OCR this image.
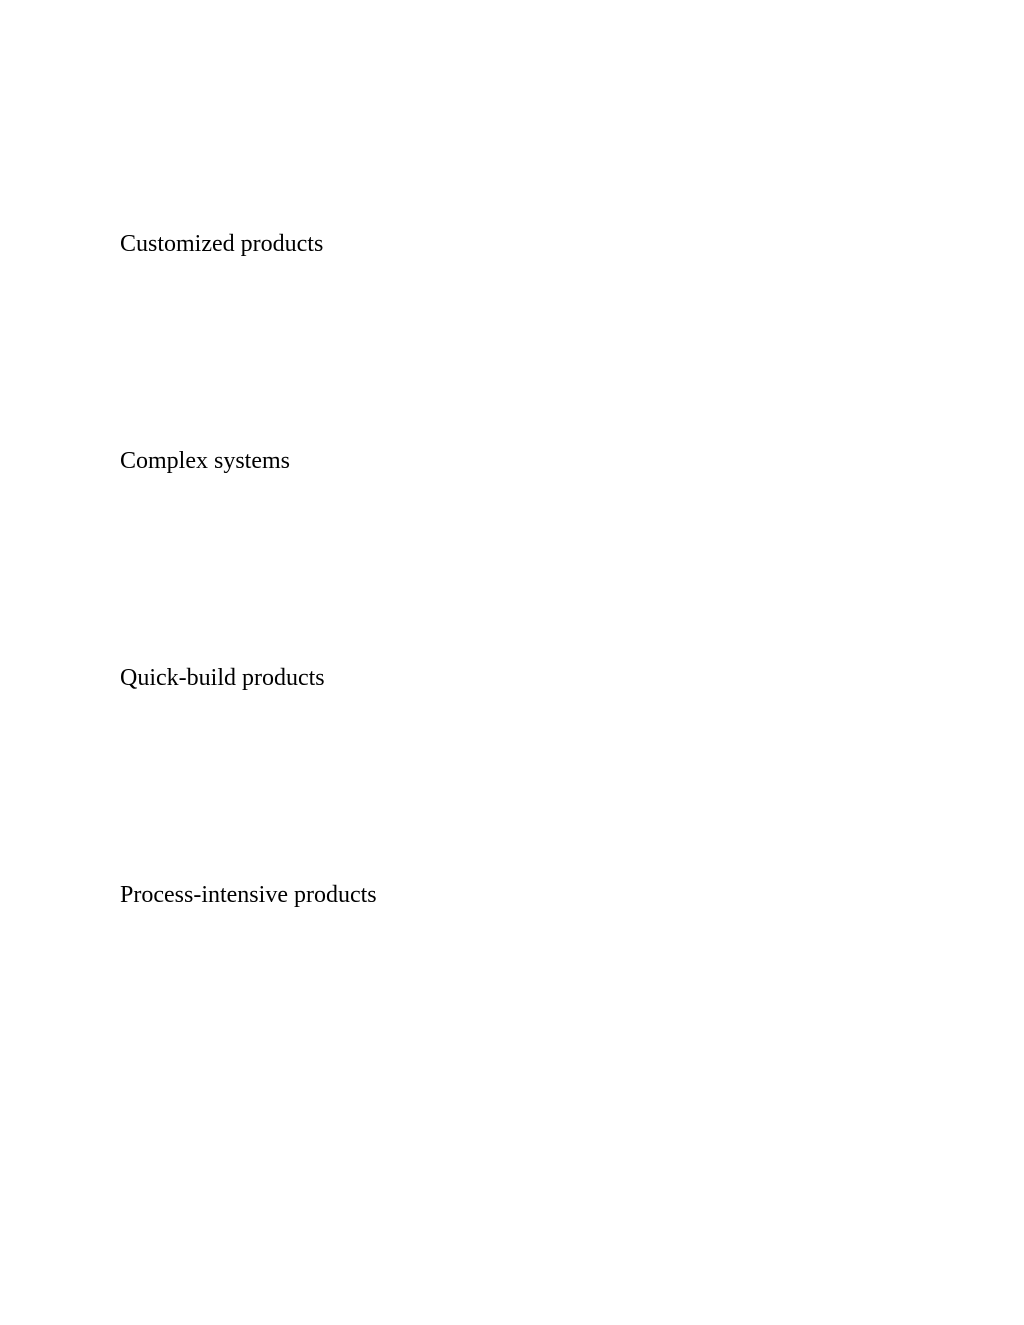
Customized products
Complex systems
Quick-build products
Process-intensive products
